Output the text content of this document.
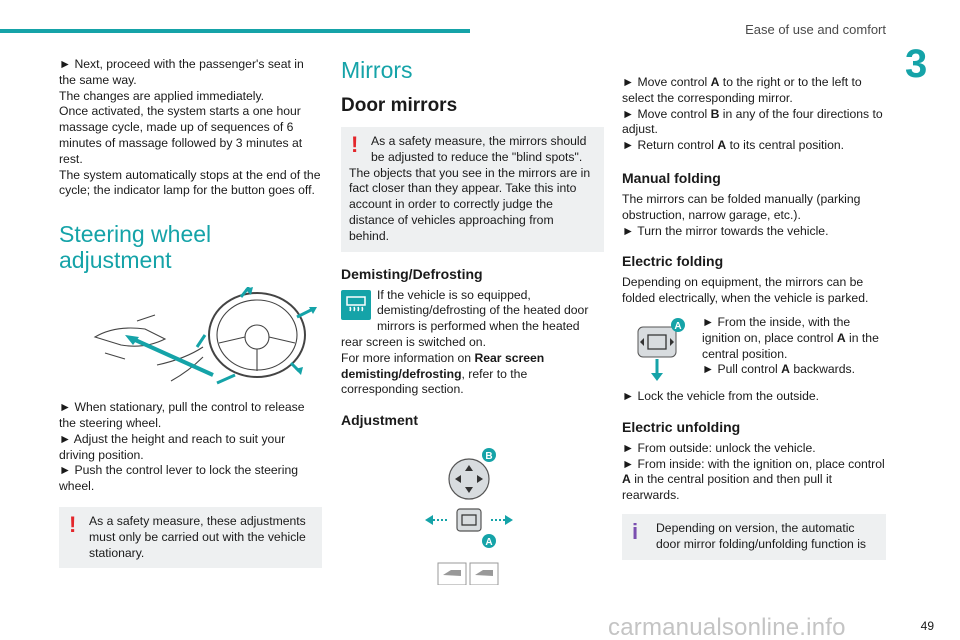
Ease of use and comfort
3

► Next, proceed with the passenger's seat in the same way.

The changes are applied immediately.

Once activated, the system starts a one hour massage cycle, made up of sequences of 6 minutes of massage followed by 3 minutes at rest.

The system automatically stops at the end of the cycle; the indicator lamp for the button goes off.

Steering wheel adjustment

► When stationary, pull the control to release the steering wheel.

► Adjust the height and reach to suit your driving position.

► Push the control lever to lock the steering wheel.

!	As a safety measure, these adjustments must only be carried out with the vehicle stationary.
Mirrors
Door mirrors
!	As a safety measure, the mirrors should be adjusted to reduce the "blind spots".
The objects that you see in the mirrors are in fact closer than they appear. Take this into account in order to correctly judge the distance of vehicles approaching from behind.
Demisting/Defrosting

If the vehicle is so equipped, demisting/defrosting of the heated door mirrors is performed when the heated rear screen is switched on.

For more information on Rear screen demisting/defrosting, refer to the corresponding section.

Adjustment
B
A

► Move control A to the right or to the left to select the corresponding mirror.

► Move control B in any of the four directions to adjust.

► Return control A to its central position.

Manual folding

The mirrors can be folded manually (parking obstruction, narrow garage, etc.).

► Turn the mirror towards the vehicle.

Electric folding

Depending on equipment, the mirrors can be folded electrically, when the vehicle is parked.

A	► From the inside, with the ignition on, place control A in the central position.

► Pull control A backwards.

► Lock the vehicle from the outside.

Electric unfolding

► From outside: unlock the vehicle.

► From inside: with the ignition on, place control A in the central position and then pull it rearwards.

i	Depending on version, the automatic door mirror folding/unfolding function is
carmanualsonline.info	49
